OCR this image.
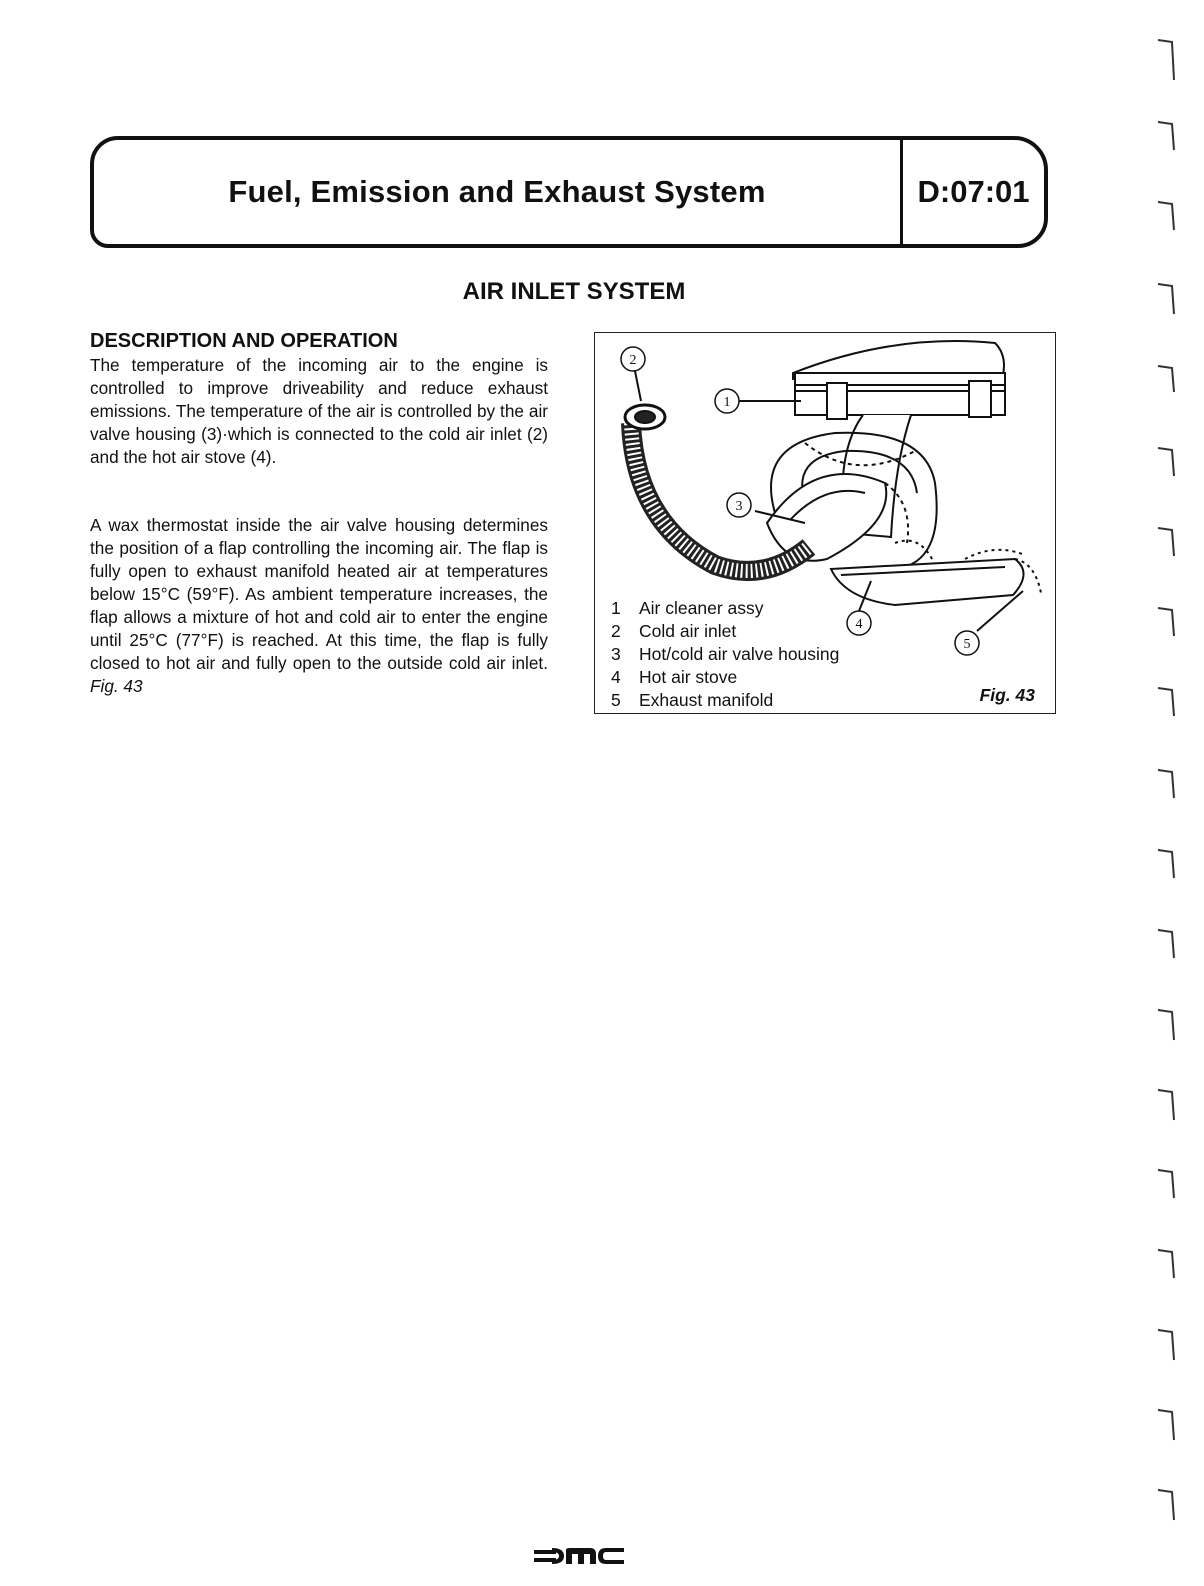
Fuel, Emission and Exhaust System	D:07:01
AIR INLET SYSTEM
DESCRIPTION AND OPERATION
The temperature of the incoming air to the engine is controlled to improve driveability and reduce exhaust emissions. The temperature of the air is controlled by the air valve housing (3)·which is connected to the cold air inlet (2) and the hot air stove (4).
A wax thermostat inside the air valve housing determines the position of a flap controlling the incoming air. The flap is fully open to exhaust manifold heated air at temperatures below 15°C (59°F). As ambient temperature increases, the flap allows a mixture of hot and cold air to enter the engine until 25°C (77°F) is reached. At this time, the flap is fully closed to hot air and fully open to the outside cold air inlet. Fig. 43
2
1
3
4
5
1	Air cleaner assy
2	Cold air inlet
3	Hot/cold air valve housing
4	Hot air stove
5	Exhaust manifold	Fig. 43
